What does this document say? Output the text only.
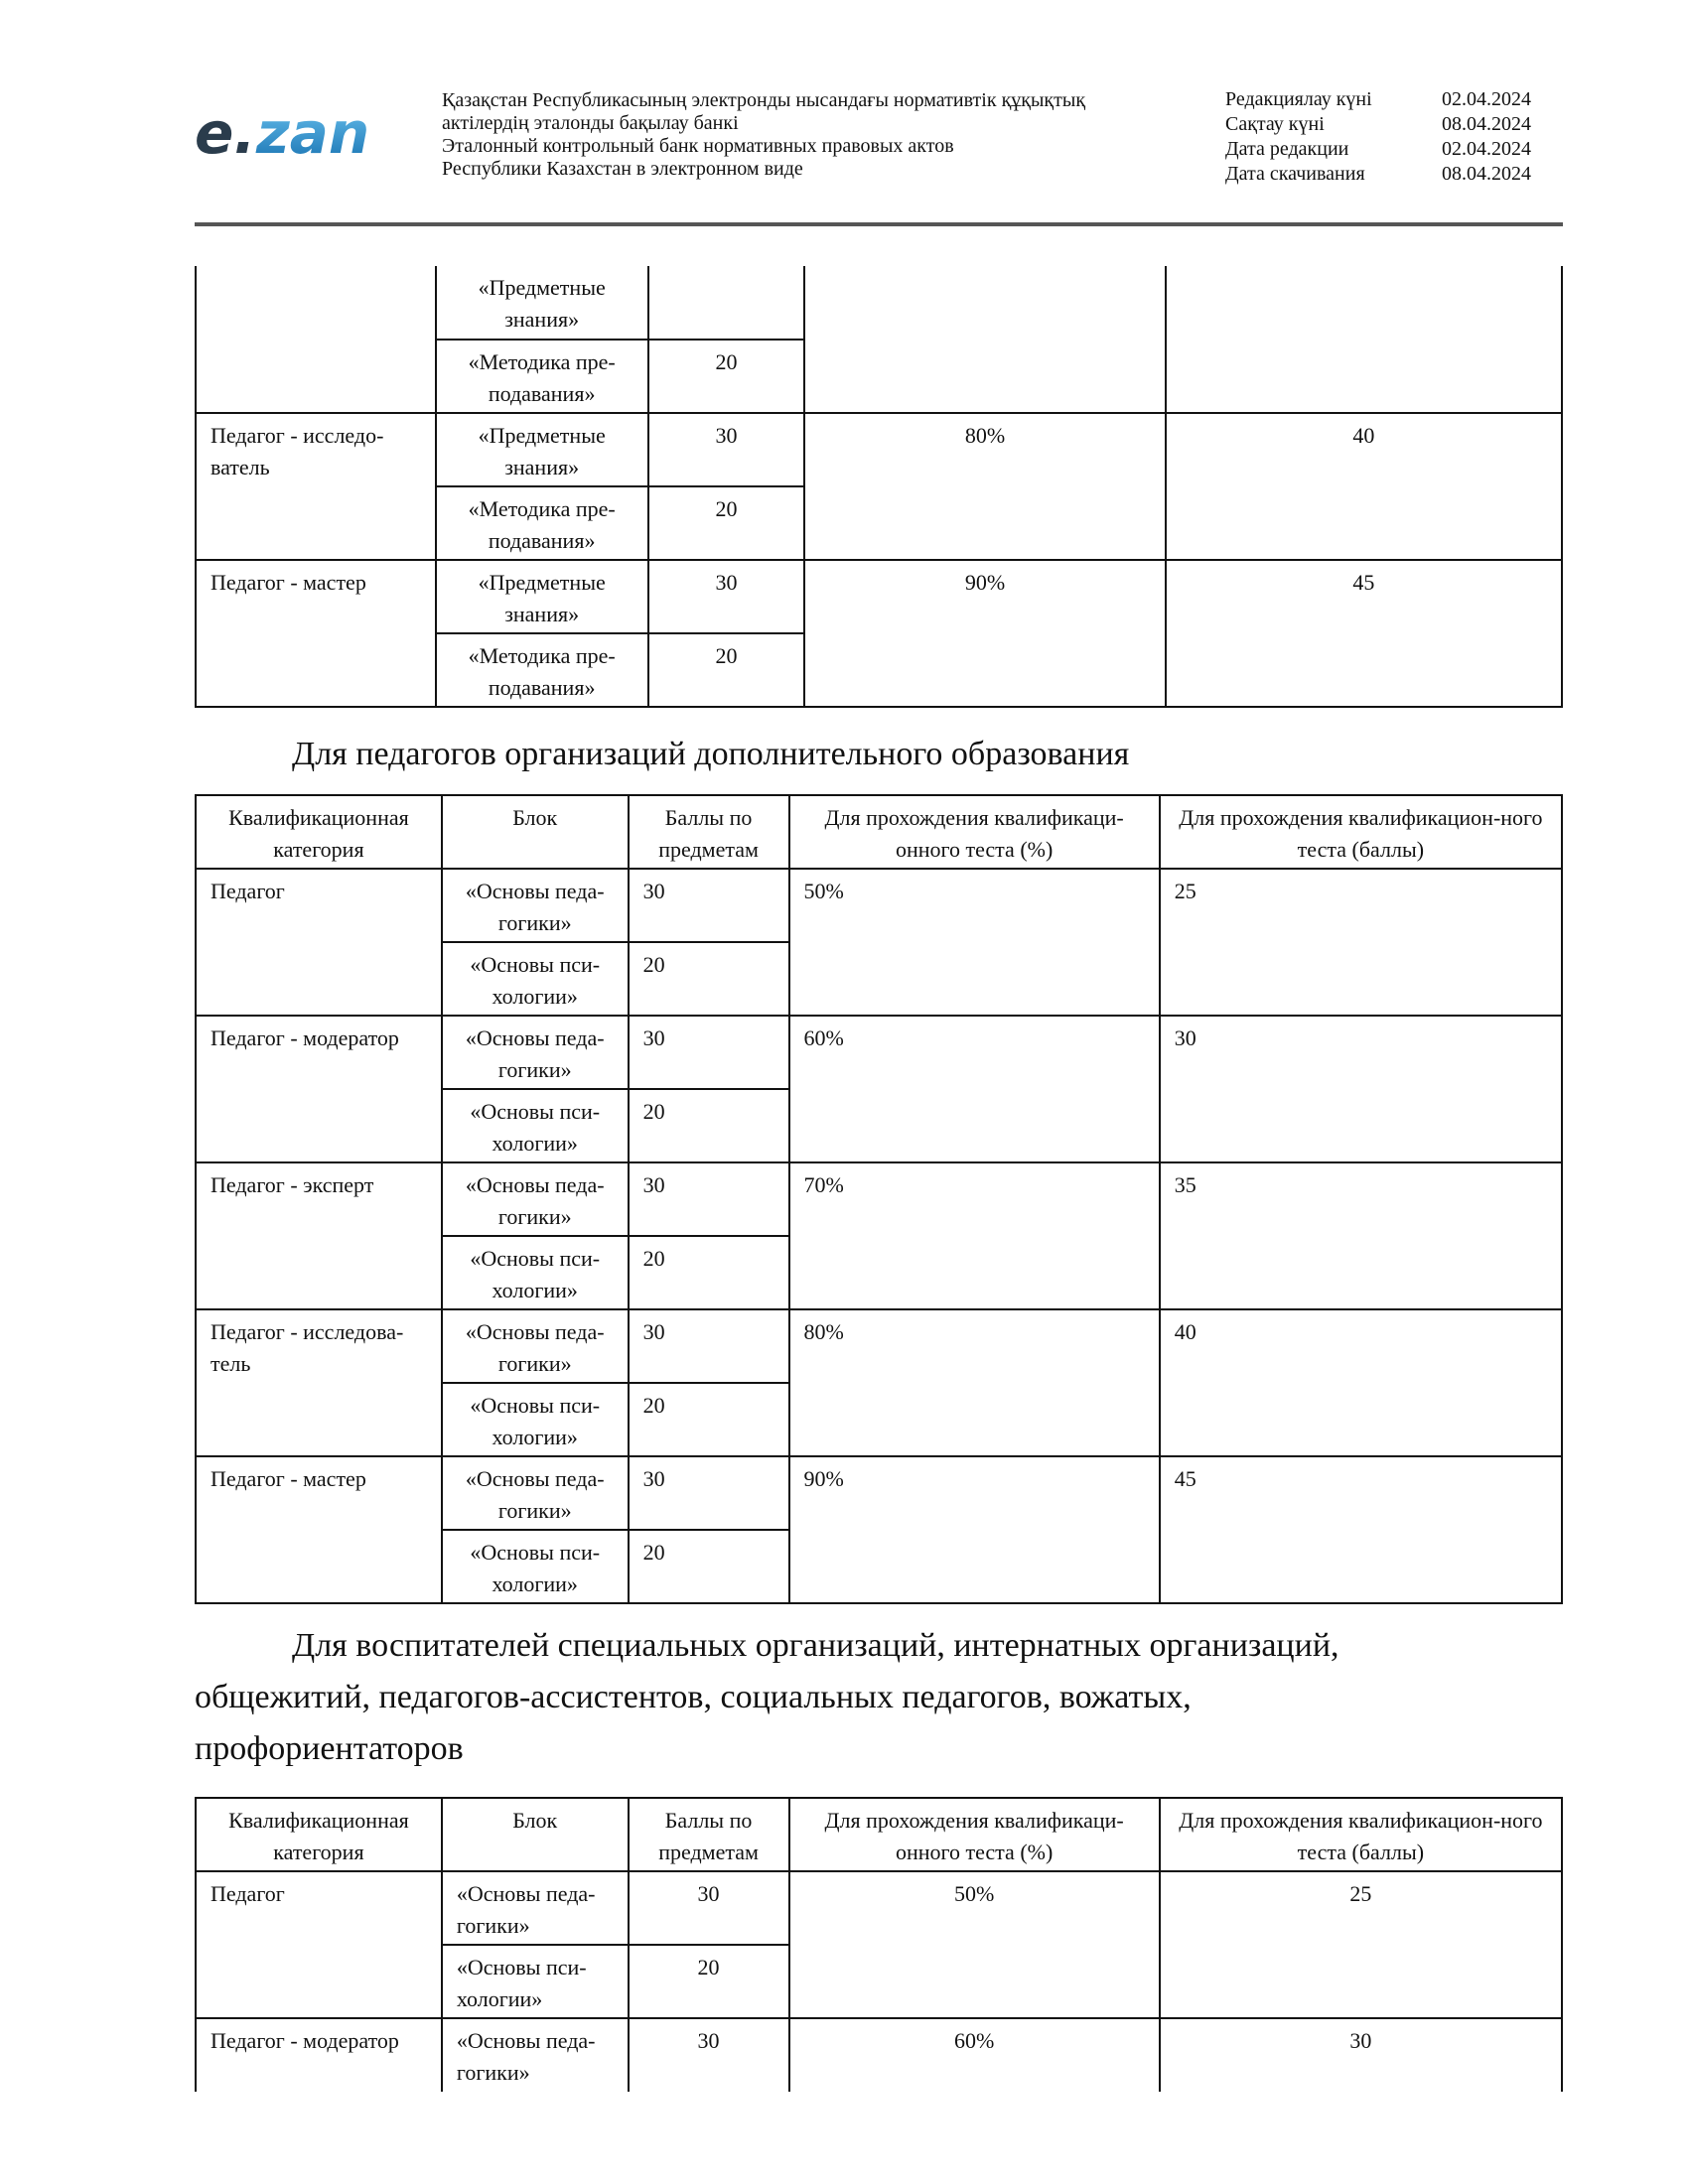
e. zan	Қазақстан Республикасының электронды нысандағы нормативтік құқықтық
актілердің эталонды бақылау банкі
Эталонный контрольный банк нормативных правовых актов
Республики Казахстан в электронном виде
Редакциялау күні	02.04.2024
Сақтау күні	08.04.2024
Дата редакции	02.04.2024
Дата скачивания	08.04.2024
	«Предметные знания»			
	«Методика пре-подавания»	20		
Педагог - исследо-ватель	«Предметные знания»	30	80%	40
	«Методика пре-подавания»	20		
Педагог - мастер	«Предметные знания»	30	90%	45
	«Методика пре-подавания»	20		
Для педагогов организаций дополнительного образования
Квалификационная категория	Блок	Баллы по предметам	Для прохождения квалификаци-онного теста (%)	Для прохождения квалификацион-ного теста (баллы)
Педагог	«Основы педа-гогики»	30	50%	25
	«Основы пси-хологии»	20		
Педагог - модератор	«Основы педа-гогики»	30	60%	30
	«Основы пси-хологии»	20		
Педагог - эксперт	«Основы педа-гогики»	30	70%	35
	«Основы пси-хологии»	20		
Педагог - исследова-тель	«Основы педа-гогики»	30	80%	40
	«Основы пси-хологии»	20		
Педагог - мастер	«Основы педа-гогики»	30	90%	45
	«Основы пси-хологии»	20		
Для воспитателей специальных организаций, интернатных организаций,
общежитий, педагогов-ассистентов, социальных педагогов, вожатых,
профориентаторов
Квалификационная категория	Блок	Баллы по предметам	Для прохождения квалификаци-онного теста (%)	Для прохождения квалификацион-ного теста (баллы)
Педагог	«Основы педа-гогики»	30	50%	25
	«Основы пси-хологии»	20		
Педагог - модератор	«Основы педа-гогики»	30	60%	30
